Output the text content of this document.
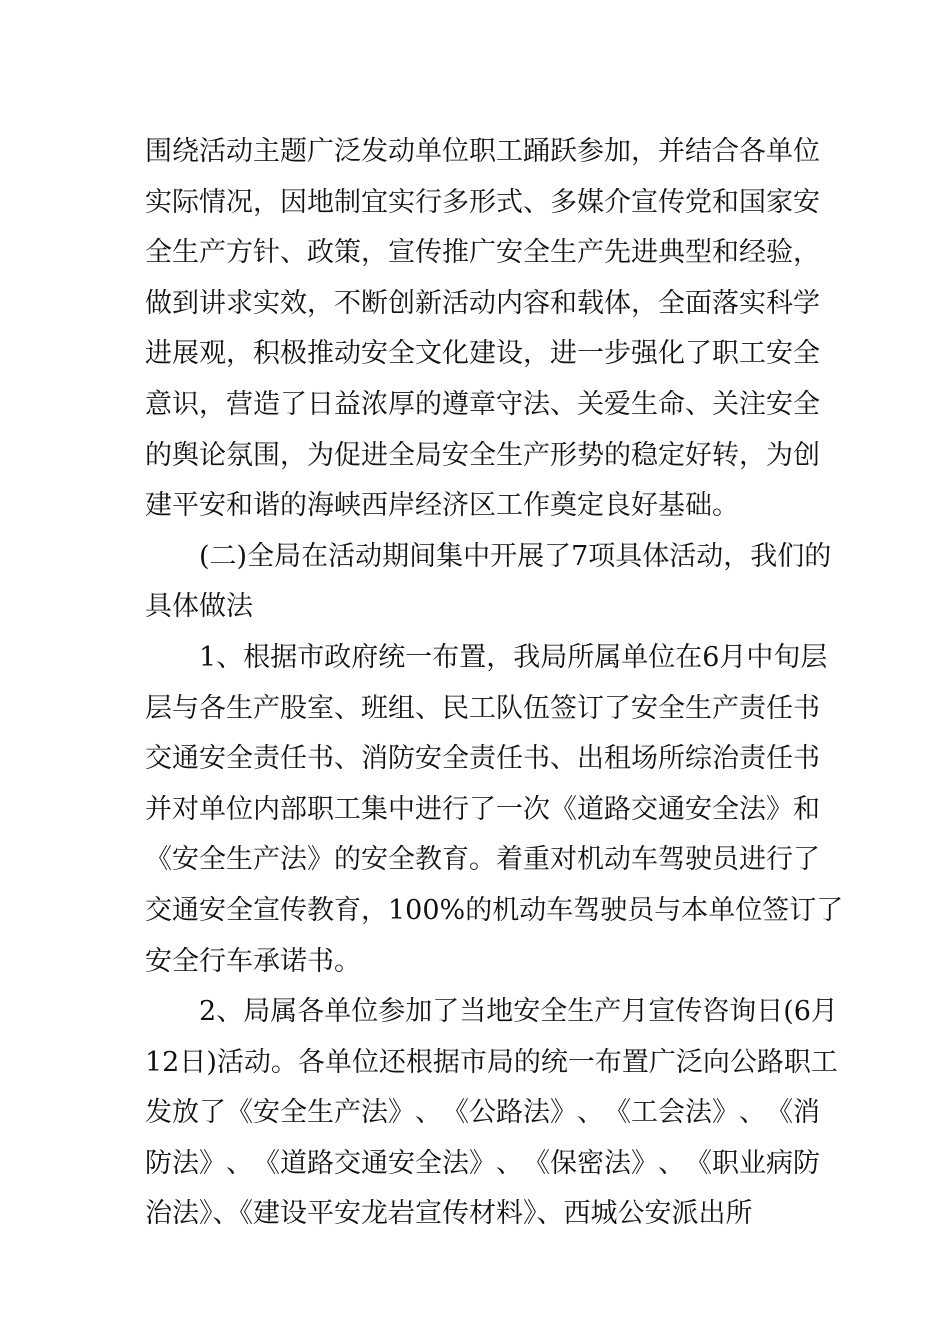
围 绕 活 动 主 题 广 泛 发 动 单 位 职 工 踊 跃 参 加 ， 并 结 合 各 单 位
实 际 情 况 ， 因 地 制 宜 实 行 多 形 式 、 多 媒 介 宣 传 党 和 国 家 安
全 生 产 方 针 、 政 策 ， 宣 传 推 广 安 全 生 产 先 进 典 型 和 经 验 ，
做 到 讲 求 实 效 ， 不 断 创 新 活 动 内 容 和 载 体 ， 全 面 落 实 科 学
进 展 观 ， 积 极 推 动 安 全 文 化 建 设 ， 进 一 步 强 化 了 职 工 安 全
意 识 ， 营 造 了 日 益 浓 厚 的 遵 章 守 法 、 关 爱 生 命 、 关 注 安 全
的 舆 论 氛 围 ， 为 促 进 全 局 安 全 生 产 形 势 的 稳 定 好 转 ， 为 创
建平安和谐的海峡西岸经济区工作奠定良好基础。
( 二 ) 全 局 在 活 动 期 间 集 中 开 展 了 7 项 具 体 活 动 ， 我 们 的
具体做法
1 、 根 据 市 政 府 统 一 布 置 ， 我 局 所 属 单 位 在 6 月 中 旬 层
层 与 各 生 产 股 室 、 班 组 、 民 工 队 伍 签 订 了 安 全 生 产 责 任 书
交 通 安 全 责 任 书 、 消 防 安 全 责 任 书 、 出 租 场 所 综 治 责 任 书
并 对 单 位 内 部 职 工 集 中 进 行 了 一 次 《 道 路 交 通 安 全 法 》 和
《 安 全 生 产 法 》 的 安 全 教 育 。 着 重 对 机 动 车 驾 驶 员 进 行 了
交 通 安 全 宣 传 教 育 ， 100% 的 机 动 车 驾 驶 员 与 本 单 位 签 订 了
安全行车承诺书。
2 、 局 属 各 单 位 参 加 了 当 地 安 全 生 产 月 宣 传 咨 询 日 ( 6 月
12 日 ) 活 动 。 各 单 位 还 根 据 市 局 的 统 一 布 置 广 泛 向 公 路 职 工
发 放 了 《 安 全 生 产 法 》 、 《 公 路 法 》 、 《 工 会 法 》 、 《 消
防 法 》 、 《 道 路 交 通 安 全 法 》 、 《 保 密 法 》 、 《 职 业 病 防
治法》、《建设平安龙岩宣传材料》、西城公安派出所
